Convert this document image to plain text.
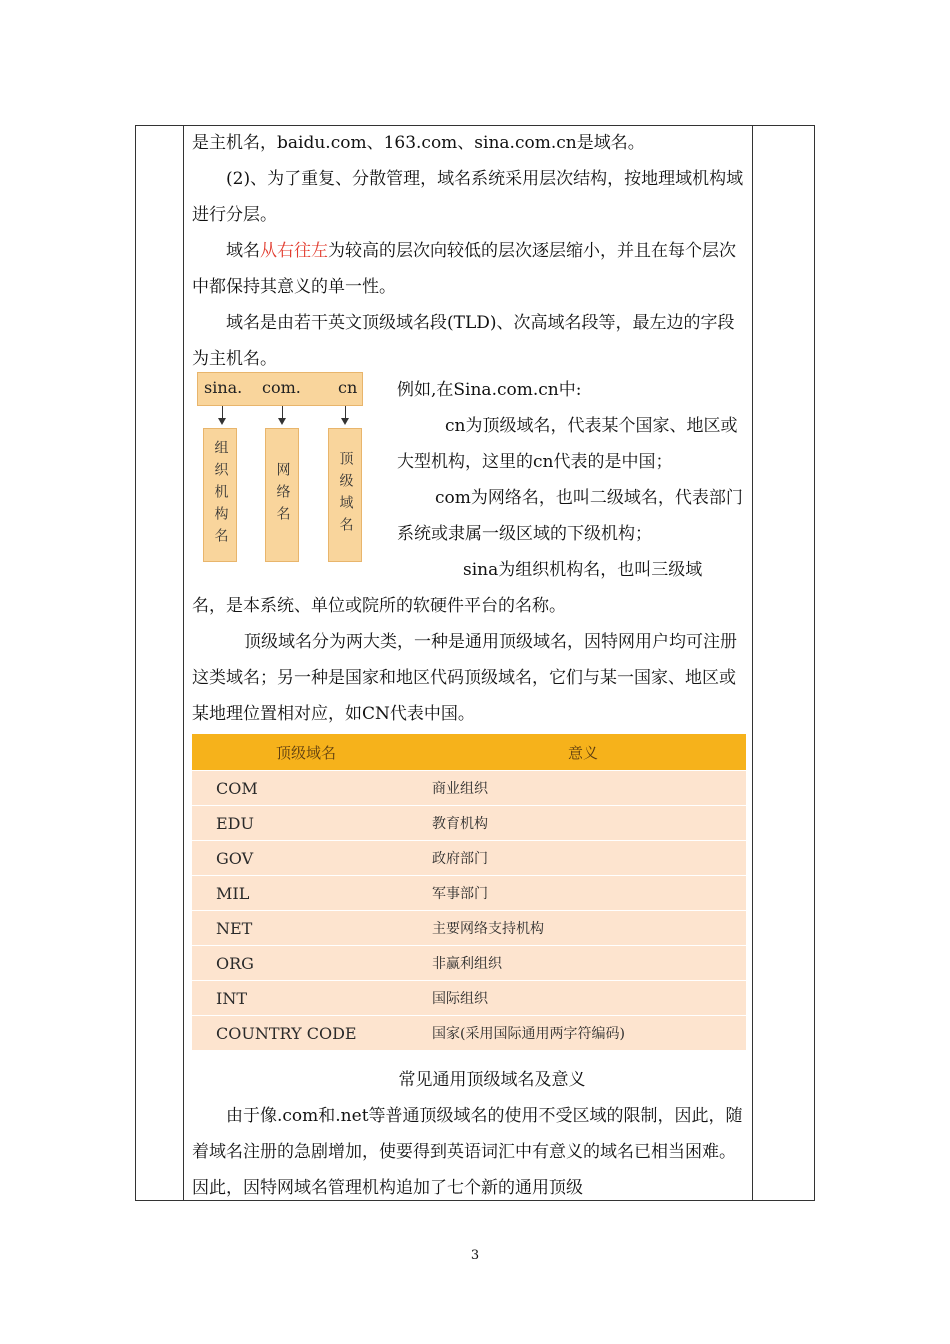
是主机名，baidu.com、163.com、sina.com.cn是域名。

(2)、为了重复、分散管理，域名系统采用层次结构，按地理域机构域进行分层。

域名从右往左为较高的层次向较低的层次逐层缩小，并且在每个层次中都保持其意义的单一性。

域名是由若干英文顶级域名段(TLD)、次高域名段等，最左边的字段为主机名。

sina. com. cn
组织机构名	网络名	顶级域名

例如,在Sina.com.cn中:

cn为顶级域名，代表某个国家、地区或大型机构，这里的cn代表的是中国；

com为网络名，也叫二级域名，代表部门系统或隶属一级区域的下级机构；

sina为组织机构名，也叫三级域

名，是本系统、单位或院所的软硬件平台的名称。

顶级域名分为两大类，一种是通用顶级域名，因特网用户均可注册这类域名；另一种是国家和地区代码顶级域名，它们与某一国家、地区或某地理位置相对应，如CN代表中国。

顶级域名	意义
COM	商业组织
EDU	教育机构
GOV	政府部门
MIL	军事部门
NET	主要网络支持机构
ORG	非赢利组织
INT	国际组织
COUNTRY CODE	国家(采用国际通用两字符编码)
常见通用顶级域名及意义

由于像.com和.net等普通顶级域名的使用不受区域的限制，因此，随着域名注册的急剧增加，使要得到英语词汇中有意义的域名已相当困难。因此，因特网域名管理机构追加了七个新的通用顶级

3
